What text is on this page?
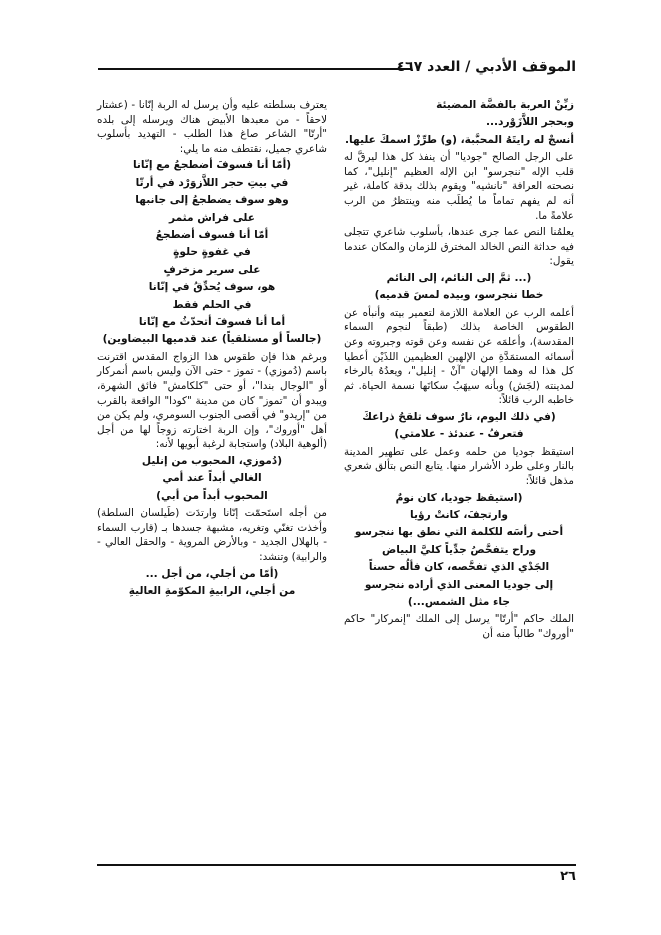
الموقف الأدبي / العدد ٤٦٧

زيِّنْ العربة بالفضَّة المضيئة

وبحجر اللاَّزَوْرد...

أنسجْ له رايتَهُ المحبَّبة، (و) طرِّزْ اسمكَ عليها.

على الرجل الصالح "جوديا" أن ينفذ كل هذا ليرقَّ له قلب الإله "ننجرسو" ابن الإله العظيم "إنليل"، كما نصحته العرافة "نانشيه" ويقوم بذلك بدقة كاملة، غير أنه لم يفهم تماماً ما يُطلَب منه وينتظرُ من الرب علامةً ما.

يعلمُنا النص عما جرى عندها، بأسلوب شاعري تتجلى فيه حداثة النص الخالد المخترق للزمان والمكان عندما يقول:

(... ثمَّ إلى النائم، إلى النائم

خطا ننجرسو، وبيده لمسَ قدميه)

أعلمه الرب عن العلامة اللازمة لتعمير بيته وأنبأه عن الطقوس الخاصة بذلك (طبقاً لنجوم السماء المقدسة)، وأعلمَه عن نفسه وعن قوته وجبروته وعن أسمائه المستمَدَّةِ من الإلهين العظيمين اللذَيْن أعطيا كل هذا له وهما الإلهان "آنْ - إنليل"، ويعدُهُ بالرخاء لمدينته (لجَش) وبأنه سيهَبُ سكانَها نسمة الحياة. ثم خاطبه الرب قائلاً:

(في ذلك اليوم، نارٌ سوف تلقحُ ذراعكَ

فتعرفُ - عندئذ - علامتي)

استيقظ جوديا من حلمه وعمل على تطهير المدينة بالنار وعلى طرد الأشرار منها. يتابع النص بتألق شعري مذهل قائلاً:

(استيقظ جوديا، كان نومٌ

وارتجفَ، كانتْ رؤيا

أحنى رأسَه للكلمة التي نطق بها ننجرسو

وراح يتفحَّصُ جدِّياً كليَّ البياض

الجَدْي الذي تفحَّصه، كان فألُه حسناً

إلى جوديا المعنى الذي أراده ننجرسو

جاء مثل الشمس...)

الملك حاكم "أرتّا" يرسل إلى الملك "إنمركار" حاكم "أوروك" طالباً منه أن

يعترف بسلطته عليه وأن يرسل له الربة إنّانا - (عشتار لاحقاً - من معبدها الأبيض هناك ويرسله إلى بلده "أرتّا" الشاعر صاغ هذا الطلب - التهديد بأسلوب شاعري جميل، نقتطف منه ما يلي:

(أمّا أنا فسوفَ أضطجعُ مع إنّانا

في بيتِ حجر اللاَّزوَرْد في أرتّا

وهو سوف يضطجعُ إلى جانبها

على فراش مثمر

أمّا أنا فسوف أضطجعُ

في غفوةٍ حلوةٍ

على سرير مزخرفٍ

هو، سوف يُحدِّقُ في إنّانا

في الحلم فقط

أما أنا فسوفَ أتحدّثُ مع إنّانا

(جالساً أو مستلقياً) عند قدميها البيضاوين)

وبرغم هذا فإن طقوس هذا الزواج المقدس اقترنت باسم (دُموزي) - تموز - حتى الآن وليس باسم أنمركار أو "الوجال بندا"، أو حتى "كلكامش" فائق الشهرة، ويبدو أن "تموز" كان من مدينة "كودا" الواقعة بالقرب من "إريدو" في أقصى الجنوب السومري، ولم يكن من أهل "أوروك"، وإن الربة اختارته زوجاً لها من أجل (ألوهية البلاد) واستجابة لرغبة أبويها لأنه:

(دُموزي، المحبوب من إنليل

الغالي أبداً عند أمي

المحبوب أبداً من أبي)

من أجله استَحمّت إنّانا وارتدَت (طَيلسان السلطة) وأخذت تغنّي وتغريه، مشبهة جسدها بـ (قارب السماء - بالهلال الجديد - وبالأرض المروية - والحقل العالي - والرابية) وتنشد:

(أمّا من أجلي، من أجل ...

من أجلي، الرابيةِ المكوّمةِ العاليةِ

٢٦
